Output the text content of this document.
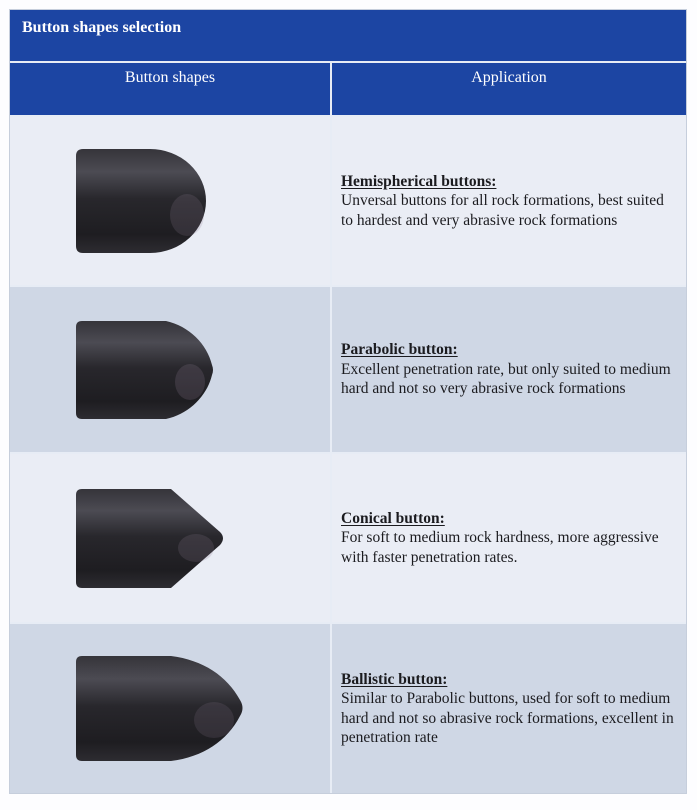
Button shapes selection
Button shapes	Application
Hemispherical buttons:
Unversal buttons for all rock formations, best suited to hardest and very abrasive rock formations
Parabolic button:
Excellent penetration rate, but only suited to medium hard and not so very abrasive rock formations
Conical button:
For soft to medium rock hardness, more aggressive with faster penetration rates.
Ballistic button:
Similar to Parabolic buttons, used for soft to medium hard and not so abrasive rock formations, excellent in penetration rate
